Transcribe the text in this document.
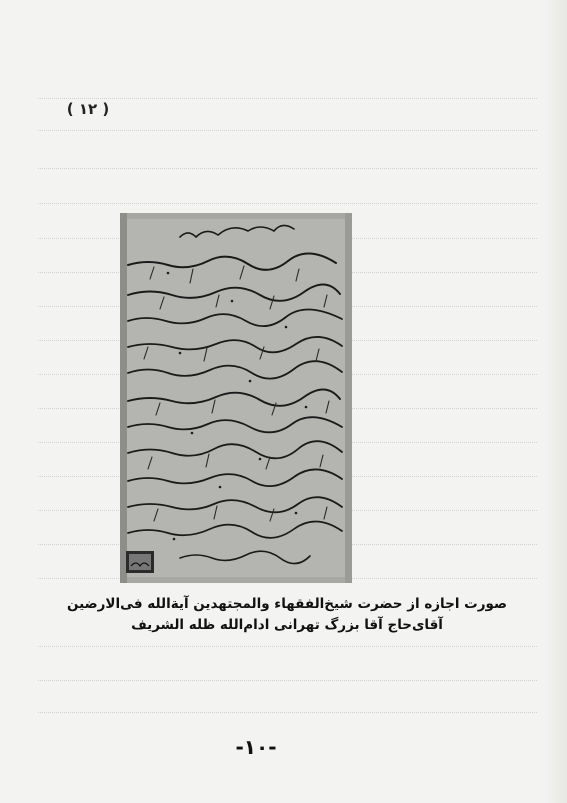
( ۱۲ )
صورت اجازه از حضرت شیخ‌الفقهاء والمجتهدین آیة‌الله فی‌الارضین
آقای‌حاج آقا بزرگ تهرانی ادام‌الله ظله الشریف
-۱۰-
